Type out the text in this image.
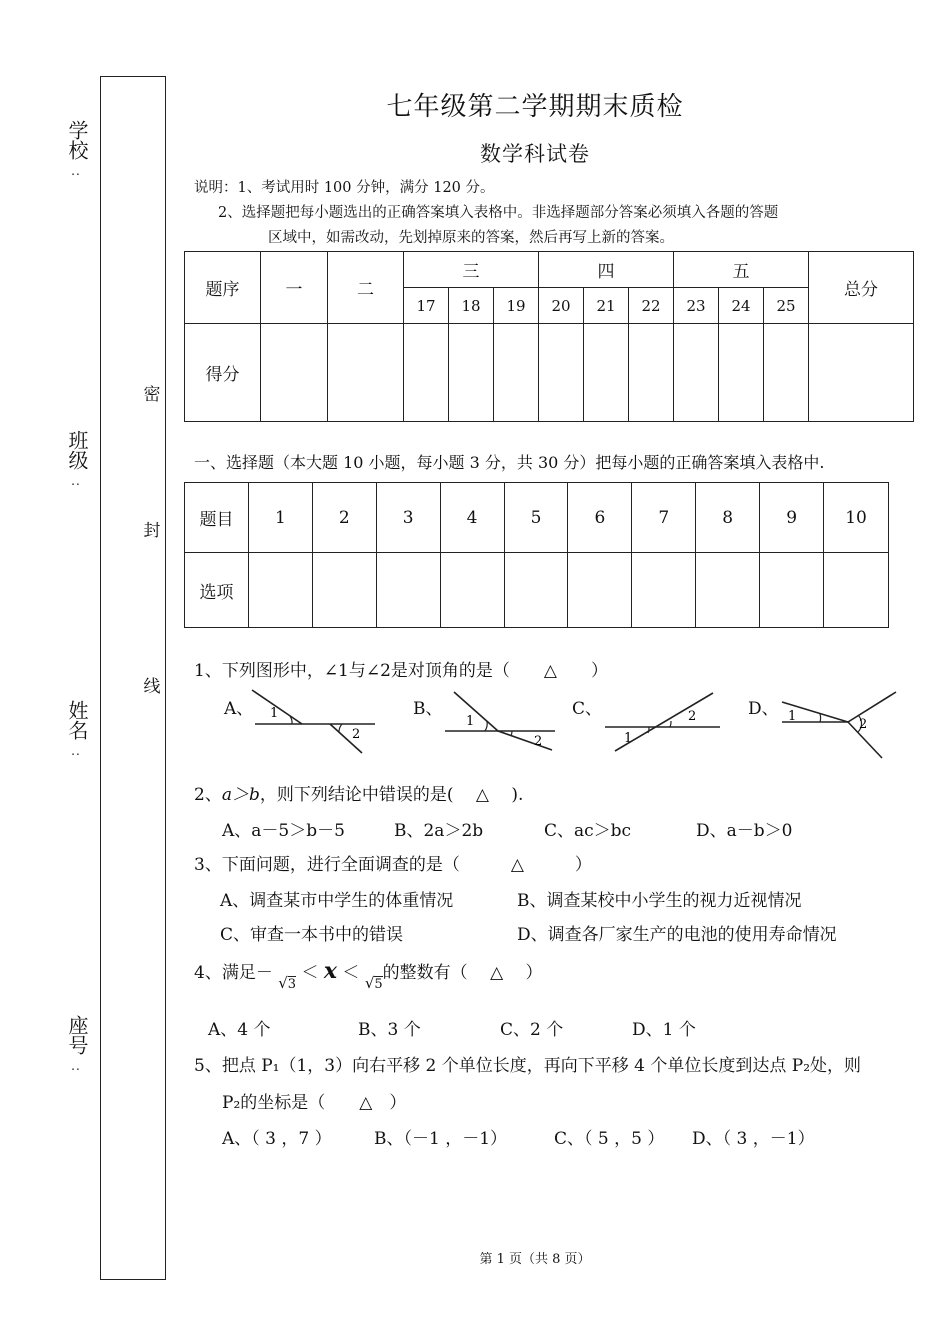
学校
..
班级
..
姓名
..
座号
..
密
封
线
七年级第二学期期末质检
数学科试卷
说明：1、考试用时 100 分钟，满分 120 分。
2、选择题把每小题选出的正确答案填入表格中。非选择题部分答案必须填入各题的答题
区域中，如需改动，先划掉原来的答案，然后再写上新的答案。
题序	一	二	三			四			五			总分
			17	18	19	20	21	22	23	24	25	
得分												
一、选择题（本大题 10 小题，每小题 3 分，共 30 分）把每小题的正确答案填入表格中.
题目	1	2	3	4	5	6	7	8	9	10
选项										
1、下列图形中，∠1与∠2是对顶角的是（　　△　　）
A、	B、	C、	D、
1
2
1
2
2
1
1
2
2、a＞b，则下列结论中错误的是(　 △　 ).
A、a－5＞b－5	B、2a＞2b	C、ac＞bc	D、a－b＞0
3、下面问题，进行全面调查的是（　　　△　　　）
A、调查某市中学生的体重情况	B、调查某校中小学生的视力近视情况
C、审查一本书中的错误	D、调查各厂家生产的电池的使用寿命情况
4、满足－ $_{√3}$ ＜ x ＜ $_{√5}$的整数有（　 △　 ）
A、4 个	B、3 个	C、2 个	D、1 个
5、把点 P₁（1，3）向右平移 2 个单位长度，再向下平移 4 个单位长度到达点 P₂处，则
P₂的坐标是（　　△　）
A、（ 3 ，7 ） B、（－1 ，－1）	C、（ 5 ，5 ） D、（ 3 ，－1）
第 1 页（共 8 页）
